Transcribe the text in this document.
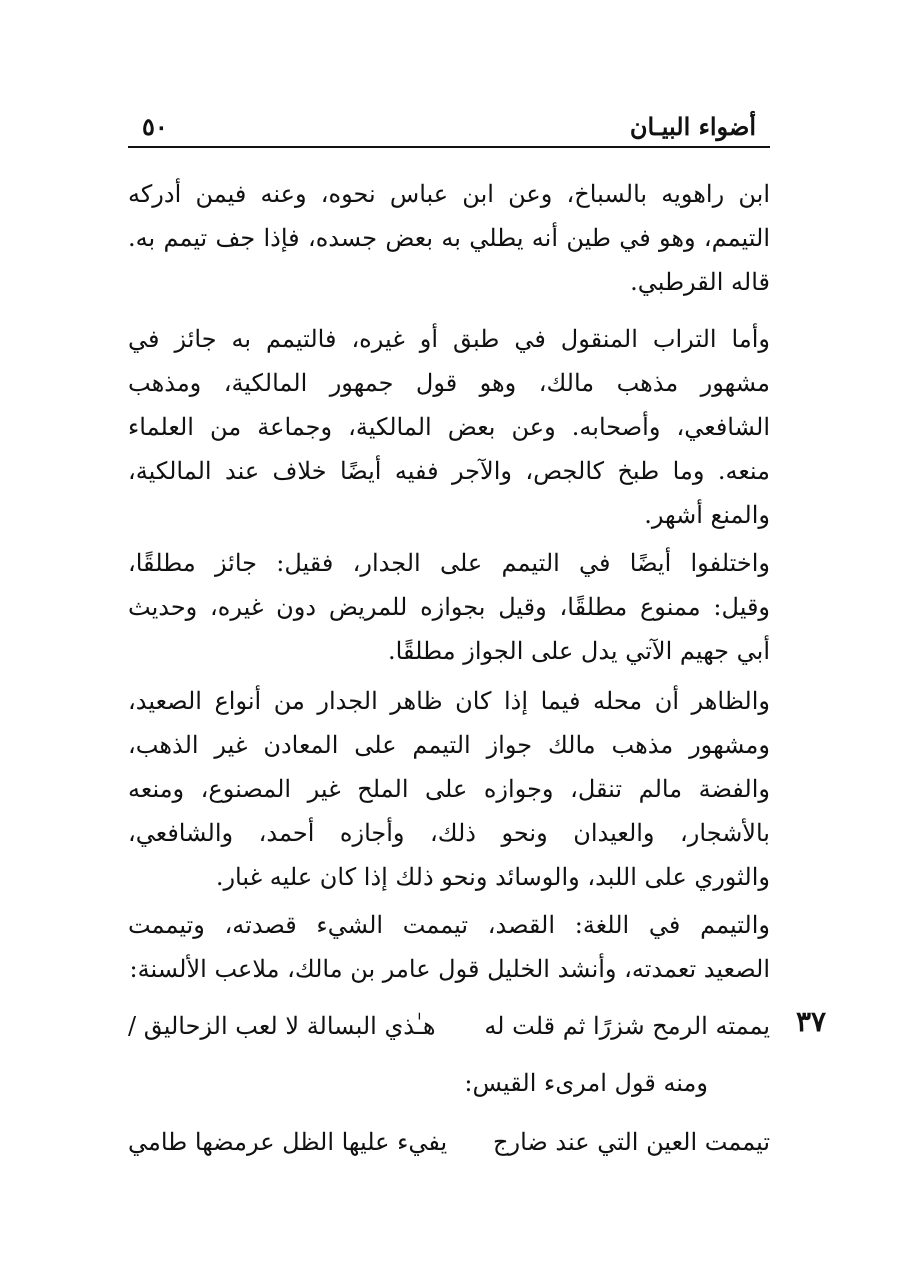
أضواء البيـان
٥٠
ابن راهويه بالسباخ، وعن ابن عباس نحوه، وعنه فيمن أدركه
التيمم، وهو في طين أنه يطلي به بعض جسده، فإذا جف تيمم به.
قاله القرطبي.
وأما التراب المنقول في طبق أو غيره، فالتيمم به جائز في
مشهور مذهب مالك، وهو قول جمهور المالكية، ومذهب
الشافعي، وأصحابه. وعن بعض المالكية، وجماعة من العلماء
منعه. وما طبخ كالجص، والآجر ففيه أيضًا خلاف عند المالكية،
والمنع أشهر.
واختلفوا أيضًا في التيمم على الجدار، فقيل: جائز مطلقًا،
وقيل: ممنوع مطلقًا، وقيل بجوازه للمريض دون غيره، وحديث
أبي جهيم الآتي يدل على الجواز مطلقًا.
والظاهر أن محله فيما إذا كان ظاهر الجدار من أنواع الصعيد،
ومشهور مذهب مالك جواز التيمم على المعادن غير الذهب،
والفضة مالم تنقل، وجوازه على الملح غير المصنوع، ومنعه
بالأشجار، والعيدان ونحو ذلك، وأجازه أحمد، والشافعي،
والثوري على اللبد، والوسائد ونحو ذلك إذا كان عليه غبار.
والتيمم في اللغة: القصد، تيممت الشيء قصدته، وتيممت
الصعيد تعمدته، وأنشد الخليل قول عامر بن مالك، ملاعب الألسنة:
٣٧
يممته الرمح شزرًا ثم قلت له
هـٰذي البسالة لا لعب الزحاليق /
ومنه قول امرىء القيس:
تيممت العين التي عند ضارج
يفيء عليها الظل عرمضها طامي
